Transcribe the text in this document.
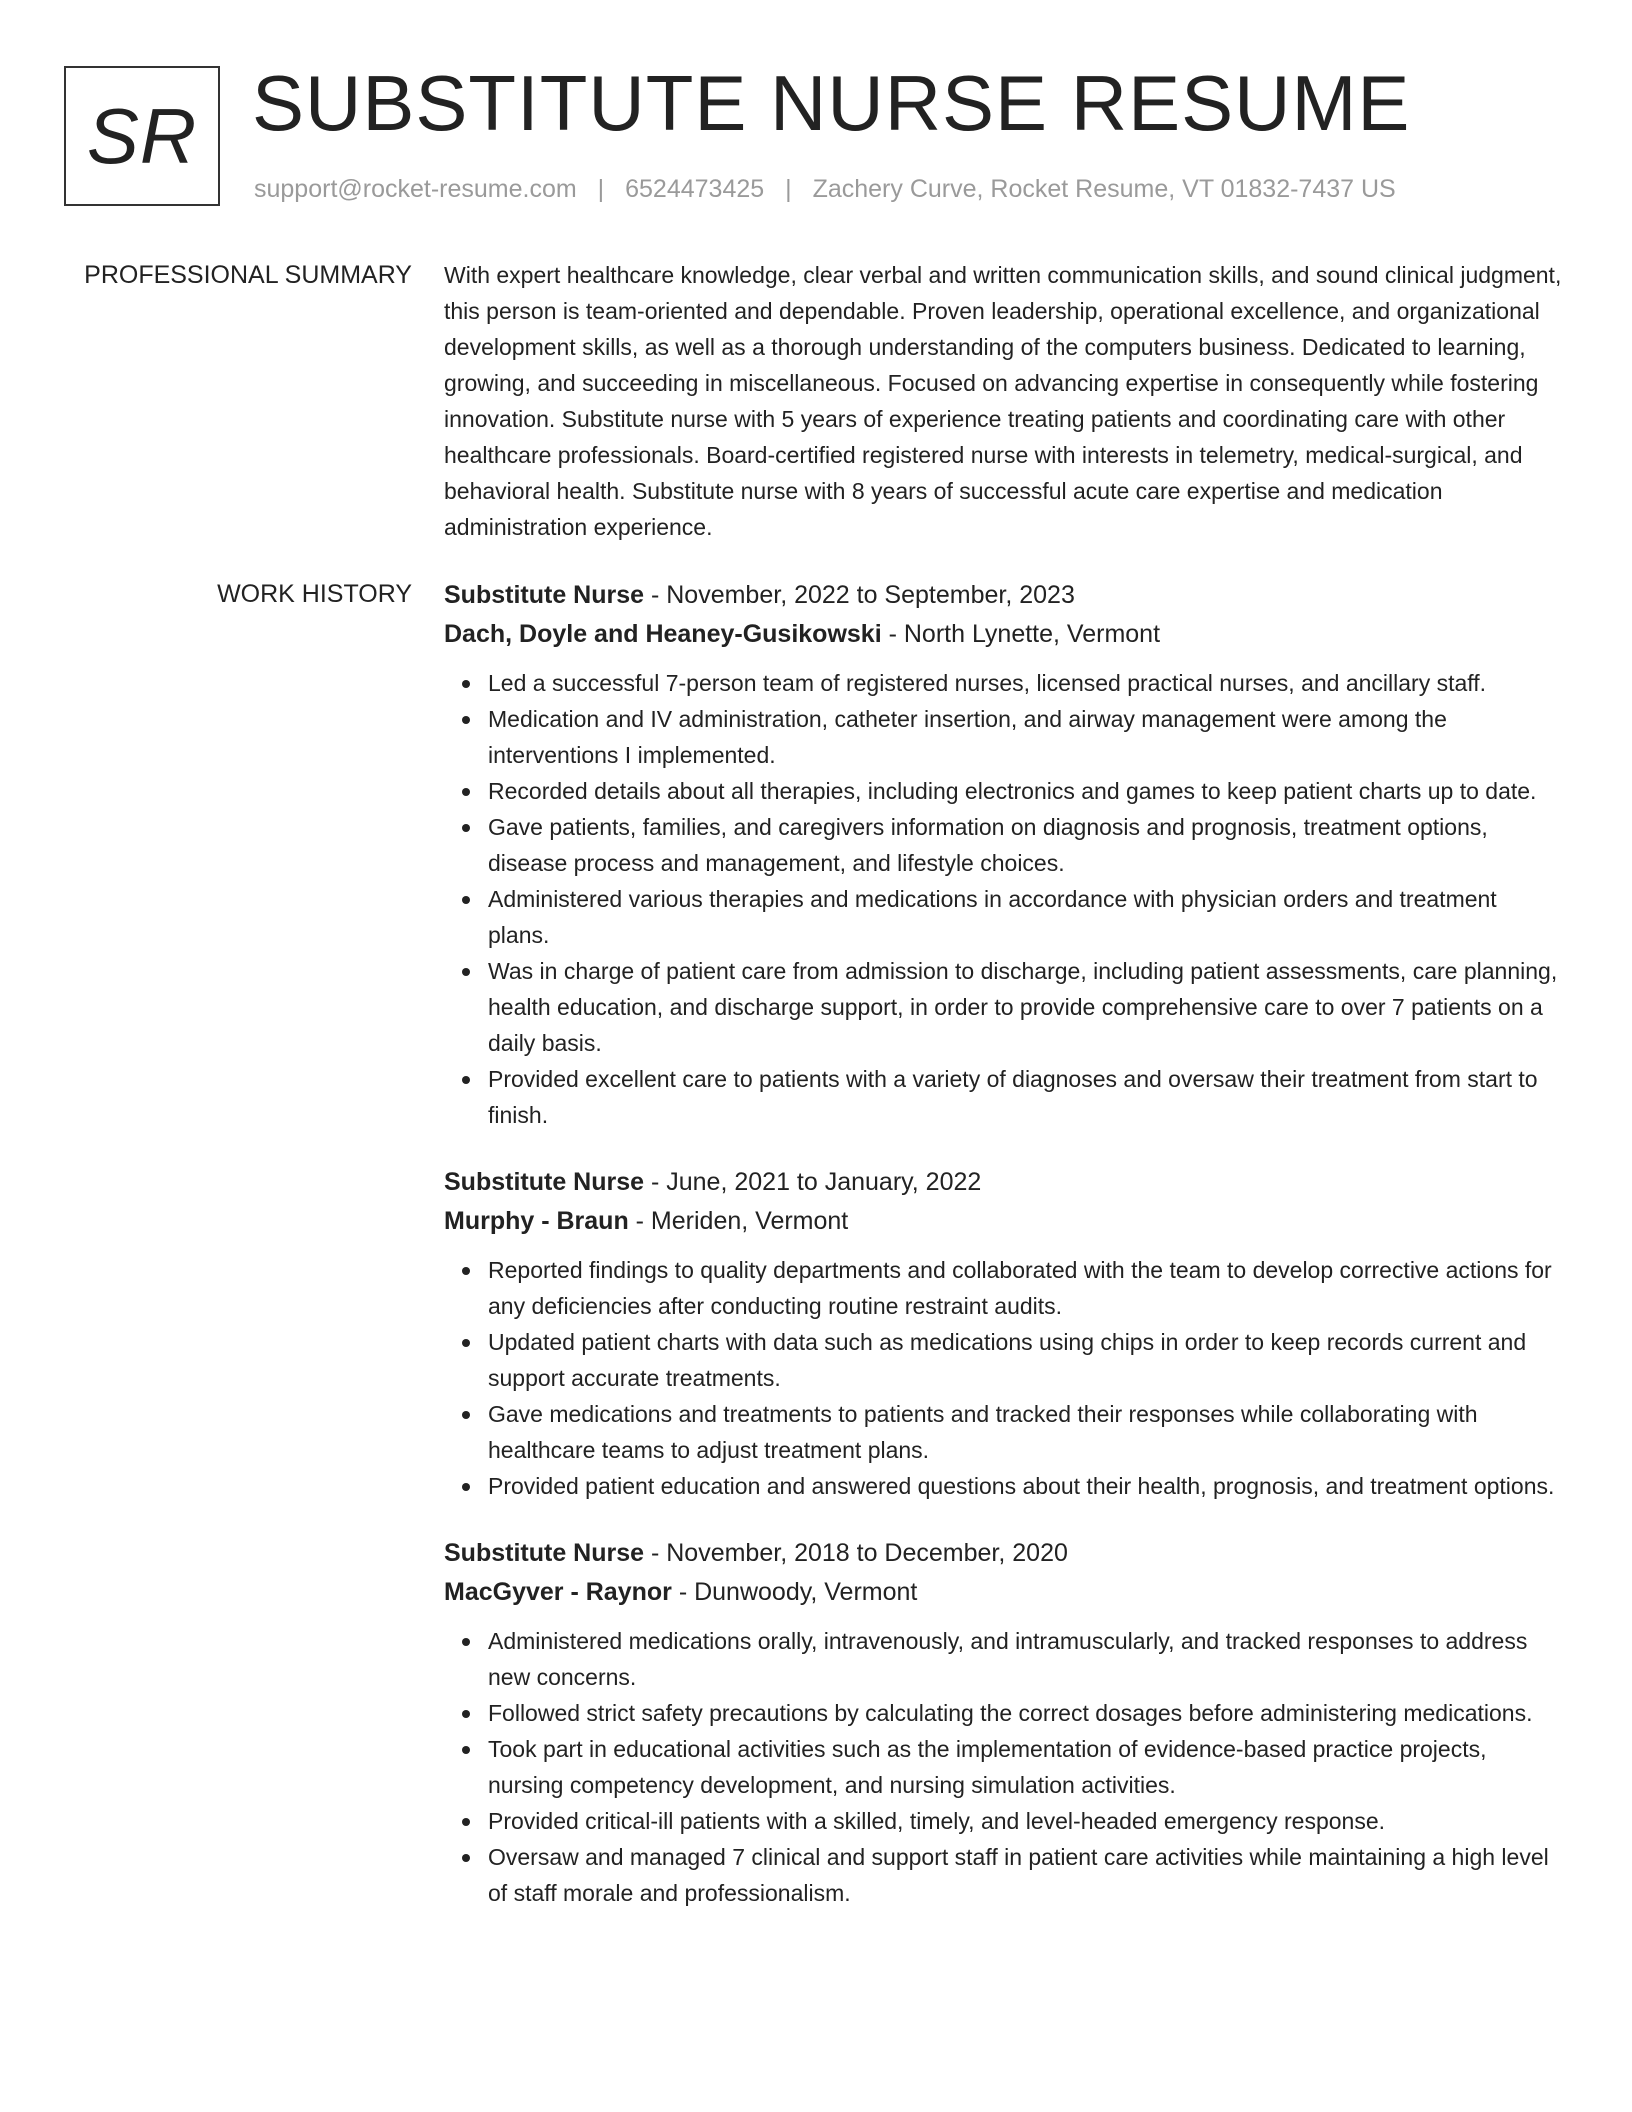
SR SUBSTITUTE NURSE RESUME
support@rocket-resume.com | 6524473425 | Zachery Curve, Rocket Resume, VT 01832-7437 US
PROFESSIONAL SUMMARY With expert healthcare knowledge, clear verbal and written communication skills, and sound clinical judgment, this person is team-oriented and dependable. Proven leadership, operational excellence, and organizational development skills, as well as a thorough understanding of the computers business. Dedicated to learning, growing, and succeeding in miscellaneous. Focused on advancing expertise in consequently while fostering innovation. Substitute nurse with 5 years of experience treating patients and coordinating care with other healthcare professionals. Board-certified registered nurse with interests in telemetry, medical-surgical, and behavioral health. Substitute nurse with 8 years of successful acute care expertise and medication administration experience.
WORK HISTORY Substitute Nurse - November, 2022 to September, 2023
Dach, Doyle and Heaney-Gusikowski - North Lynette, Vermont
Led a successful 7-person team of registered nurses, licensed practical nurses, and ancillary staff.
Medication and IV administration, catheter insertion, and airway management were among the interventions I implemented.
Recorded details about all therapies, including electronics and games to keep patient charts up to date.
Gave patients, families, and caregivers information on diagnosis and prognosis, treatment options, disease process and management, and lifestyle choices.
Administered various therapies and medications in accordance with physician orders and treatment plans.
Was in charge of patient care from admission to discharge, including patient assessments, care planning, health education, and discharge support, in order to provide comprehensive care to over 7 patients on a daily basis.
Provided excellent care to patients with a variety of diagnoses and oversaw their treatment from start to finish.
Substitute Nurse - June, 2021 to January, 2022
Murphy - Braun - Meriden, Vermont
Reported findings to quality departments and collaborated with the team to develop corrective actions for any deficiencies after conducting routine restraint audits.
Updated patient charts with data such as medications using chips in order to keep records current and support accurate treatments.
Gave medications and treatments to patients and tracked their responses while collaborating with healthcare teams to adjust treatment plans.
Provided patient education and answered questions about their health, prognosis, and treatment options.
Substitute Nurse - November, 2018 to December, 2020
MacGyver - Raynor - Dunwoody, Vermont
Administered medications orally, intravenously, and intramuscularly, and tracked responses to address new concerns.
Followed strict safety precautions by calculating the correct dosages before administering medications.
Took part in educational activities such as the implementation of evidence-based practice projects, nursing competency development, and nursing simulation activities.
Provided critical-ill patients with a skilled, timely, and level-headed emergency response.
Oversaw and managed 7 clinical and support staff in patient care activities while maintaining a high level of staff morale and professionalism.
